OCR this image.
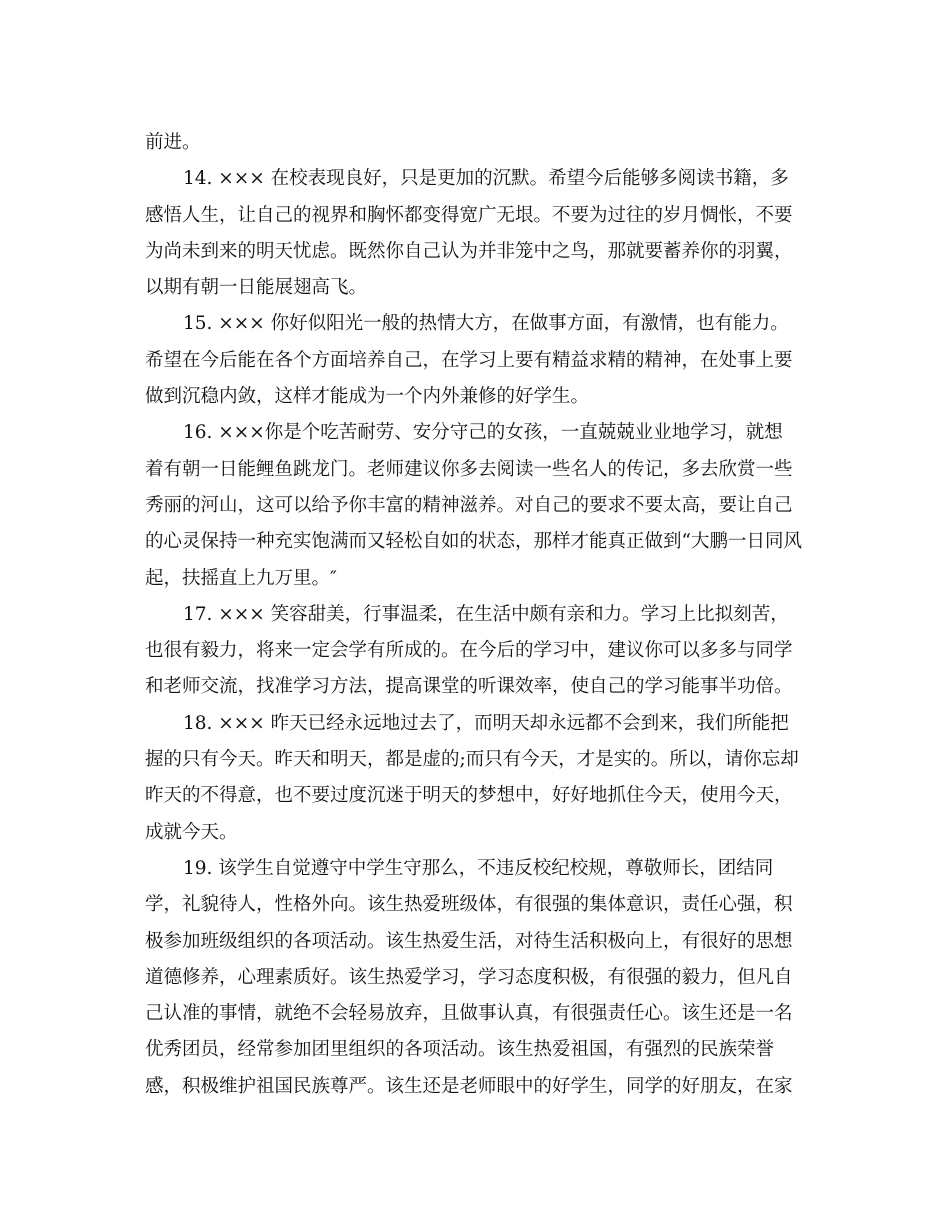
前进。
14. ××× 在校表现良好，只是更加的沉默。希望今后能够多阅读书籍，多
感悟人生，让自己的视界和胸怀都变得宽广无垠。不要为过往的岁月惆怅，不要
为尚未到来的明天忧虑。既然你自己认为并非笼中之鸟，那就要蓄养你的羽翼，
以期有朝一日能展翅高飞。
15. ××× 你好似阳光一般的热情大方，在做事方面，有激情，也有能力。
希望在今后能在各个方面培养自己，在学习上要有精益求精的精神，在处事上要
做到沉稳内敛，这样才能成为一个内外兼修的好学生。
16. ×××你是个吃苦耐劳、安分守己的女孩，一直兢兢业业地学习，就想
着有朝一日能鲤鱼跳龙门。老师建议你多去阅读一些名人的传记，多去欣赏一些
秀丽的河山，这可以给予你丰富的精神滋养。对自己的要求不要太高，要让自己
的心灵保持一种充实饱满而又轻松自如的状态，那样才能真正做到“大鹏一日同风
起，扶摇直上九万里。″
17. ××× 笑容甜美，行事温柔，在生活中颇有亲和力。学习上比拟刻苦，
也很有毅力，将来一定会学有所成的。在今后的学习中，建议你可以多多与同学
和老师交流，找准学习方法，提高课堂的听课效率，使自己的学习能事半功倍。
18. ××× 昨天已经永远地过去了，而明天却永远都不会到来，我们所能把
握的只有今天。昨天和明天，都是虚的;而只有今天，才是实的。所以，请你忘却
昨天的不得意，也不要过度沉迷于明天的梦想中，好好地抓住今天，使用今天，
成就今天。
19. 该学生自觉遵守中学生守那么，不违反校纪校规，尊敬师长，团结同
学，礼貌待人，性格外向。该生热爱班级体，有很强的集体意识，责任心强，积
极参加班级组织的各项活动。该生热爱生活，对待生活积极向上，有很好的思想
道德修养，心理素质好。该生热爱学习，学习态度积极，有很强的毅力，但凡自
己认准的事情，就绝不会轻易放弃，且做事认真，有很强责任心。该生还是一名
优秀团员，经常参加团里组织的各项活动。该生热爱祖国，有强烈的民族荣誉
感，积极维护祖国民族尊严。该生还是老师眼中的好学生，同学的好朋友，在家
